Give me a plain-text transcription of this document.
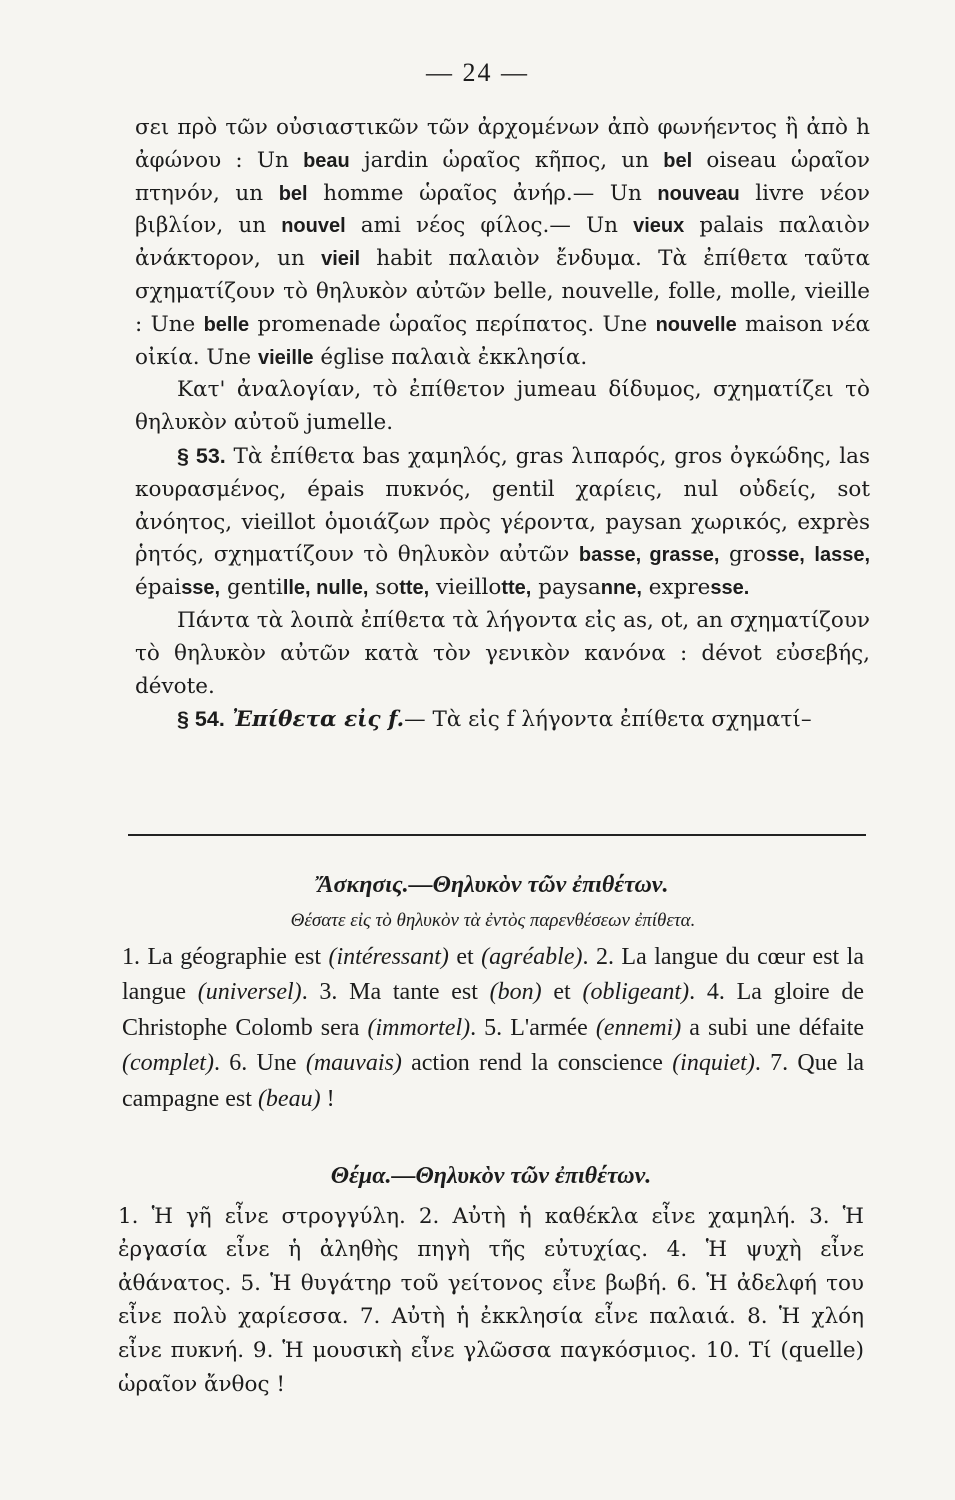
— 24 —

σει πρὸ τῶν οὐσιαστικῶν τῶν ἀρχομένων ἀπὸ φωνήεντος ἢ ἀπὸ h ἀφώνου : Un beau jardin ὡραῖος κῆπος, un bel oiseau ὡραῖον πτηνόν, un bel homme ὡραῖος ἀνήρ.— Un nouveau livre νέον βιβλίον, un nouvel ami νέος φίλος.— Un vieux palais παλαιὸν ἀνάκτορον, un vieil habit παλαιὸν ἔνδυμα. Τὰ ἐπίθετα ταῦτα σχηματίζουν τὸ θηλυκὸν αὐτῶν belle, nouvelle, folle, molle, vieille : Une belle promenade ὡραῖος περίπατος. Une nouvelle maison νέα οἰκία. Une vieille église παλαιὰ ἐκκλησία.

Κατ' ἀναλογίαν, τὸ ἐπίθετον jumeau δίδυμος, σχηματίζει τὸ θηλυκὸν αὐτοῦ jumelle.

§ 53. Τὰ ἐπίθετα bas χαμηλός, gras λιπαρός, gros ὀγκώδης, las κουρασμένος, épais πυκνός, gentil χαρίεις, nul οὐδείς, sot ἀνόητος, vieillot ὁμοιάζων πρὸς γέροντα, paysan χωρικός, exprès ῥητός, σχηματίζουν τὸ θηλυκὸν αὐτῶν basse, grasse, grosse, lasse, épaisse, gentille, nulle, sotte, vieillotte, paysanne, expresse.

Πάντα τὰ λοιπὰ ἐπίθετα τὰ λήγοντα εἰς as, ot, an σχηματίζουν τὸ θηλυκὸν αὐτῶν κατὰ τὸν γενικὸν κανόνα : dévot εὐσεβής, dévote.

§ 54. Ἐπίθετα εἰς f.— Τὰ εἰς f λήγοντα ἐπίθετα σχηματί–

Ἄσκησις.—Θηλυκὸν τῶν ἐπιθέτων.

Θέσατε εἰς τὸ θηλυκὸν τὰ ἐντὸς παρενθέσεων ἐπίθετα.

1. La géographie est (intéressant) et (agréable). 2. La langue du cœur est la langue (universel). 3. Ma tante est (bon) et (obligeant). 4. La gloire de Christophe Colomb sera (immortel). 5. L'armée (ennemi) a subi une défaite (complet). 6. Une (mauvais) action rend la conscience (inquiet). 7. Que la campagne est (beau) !

Θέμα.—Θηλυκὸν τῶν ἐπιθέτων.

1. Ἡ γῆ εἶνε στρογγύλη. 2. Αὐτὴ ἡ καθέκλα εἶνε χαμηλή. 3. Ἡ ἐργασία εἶνε ἡ ἀληθὴς πηγὴ τῆς εὐτυχίας. 4. Ἡ ψυχὴ εἶνε ἀθάνατος. 5. Ἡ θυγάτηρ τοῦ γείτονος εἶνε βωβή. 6. Ἡ ἀδελφή του εἶνε πολὺ χαρίεσσα. 7. Αὐτὴ ἡ ἐκκλησία εἶνε παλαιά. 8. Ἡ χλόη εἶνε πυκνή. 9. Ἡ μουσικὴ εἶνε γλῶσσα παγκόσμιος. 10. Τί (quelle) ὡραῖον ἄνθος !
